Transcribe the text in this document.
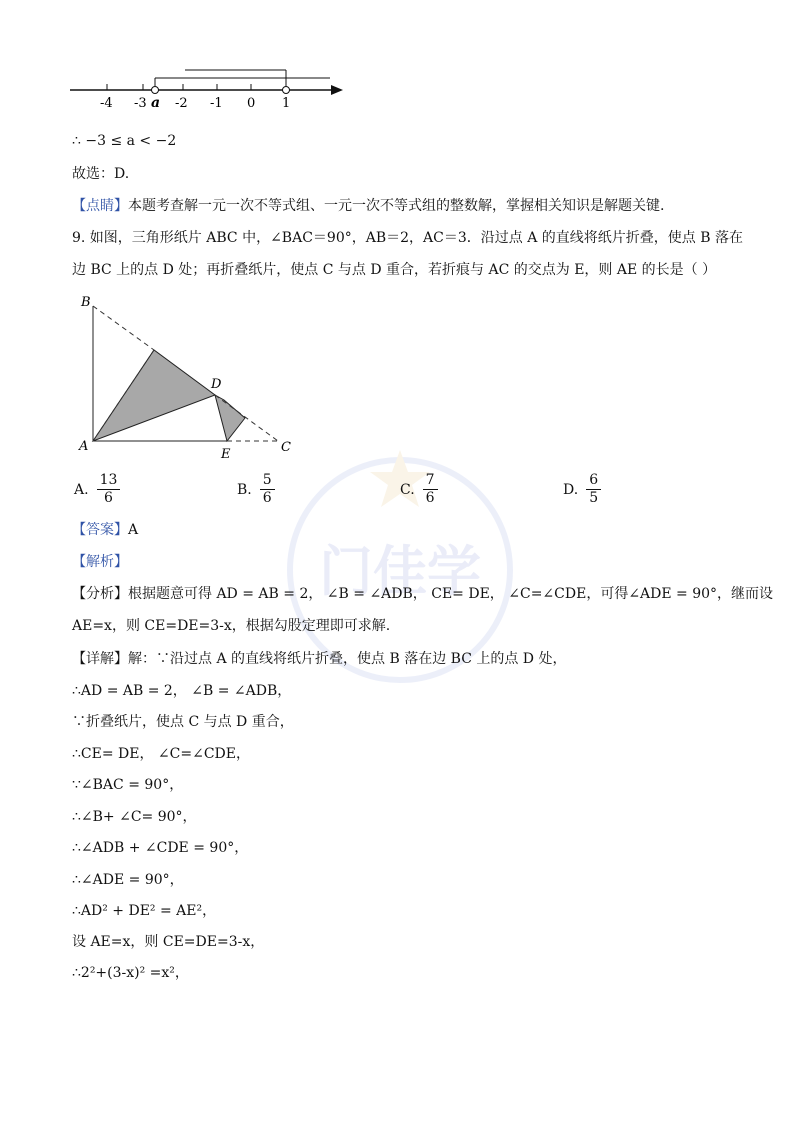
门佳学
-4 -3 a -2 -1 0 1
∴ −3 ≤ a < −2
故选：D.
【点睛】本题考查解一元一次不等式组、一元一次不等式组的整数解，掌握相关知识是解题关键.
9. 如图，三角形纸片 ABC 中，∠BAC＝90°，AB＝2，AC＝3．沿过点 A 的直线将纸片折叠，使点 B 落在
边 BC 上的点 D 处；再折叠纸片，使点 C 与点 D 重合，若折痕与 AC 的交点为 E，则 AE 的长是（ ）
B
D
A
E	C
A. $\frac{13}{6}$	B. $\frac{5}{6}$	C. $\frac{7}{6}$	D. $\frac{6}{5}$
【答案】A
【解析】
【分析】根据题意可得 AD = AB = 2， ∠B = ∠ADB， CE= DE， ∠C=∠CDE，可得∠ADE = 90°，继而设
AE=x，则 CE=DE=3-x，根据勾股定理即可求解.
【详解】解：∵沿过点 A 的直线将纸片折叠，使点 B 落在边 BC 上的点 D 处，
∴AD = AB = 2， ∠B = ∠ADB，
∵折叠纸片，使点 C 与点 D 重合，
∴CE= DE， ∠C=∠CDE，
∵∠BAC = 90°，
∴∠B+ ∠C= 90°，
∴∠ADB + ∠CDE = 90°，
∴∠ADE = 90°，
∴AD² + DE² = AE²，
设 AE=x，则 CE=DE=3-x，
∴2²+(3-x)² =x²，
